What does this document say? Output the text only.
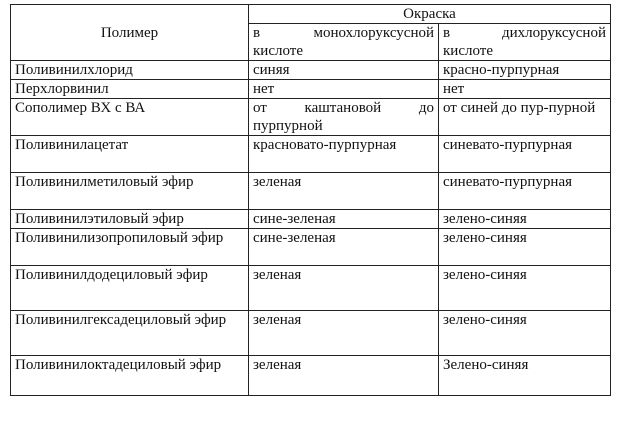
Полимер	Окраска	
	в монохлоруксусной кислоте	в дихлоруксусной кислоте
Поливинилхлорид	синяя	красно-пурпурная
Перхлорвинил	нет	нет
Сополимер ВХ с ВА	от каштановой до пурпурной	от синей до пур-пурной
Поливинилацетат	красновато-пурпурная	синевато-пурпурная
Поливинилметиловый эфир	зеленая	синевато-пурпурная
Поливинилэтиловый эфир	сине-зеленая	зелено-синяя
Поливинилизопропиловый эфир	сине-зеленая	зелено-синяя
Поливинилдодециловый эфир	зеленая	зелено-синяя
Поливинилгексадециловый эфир	зеленая	зелено-синяя
Поливинилоктадециловый эфир	зеленая	Зелено-синяя
